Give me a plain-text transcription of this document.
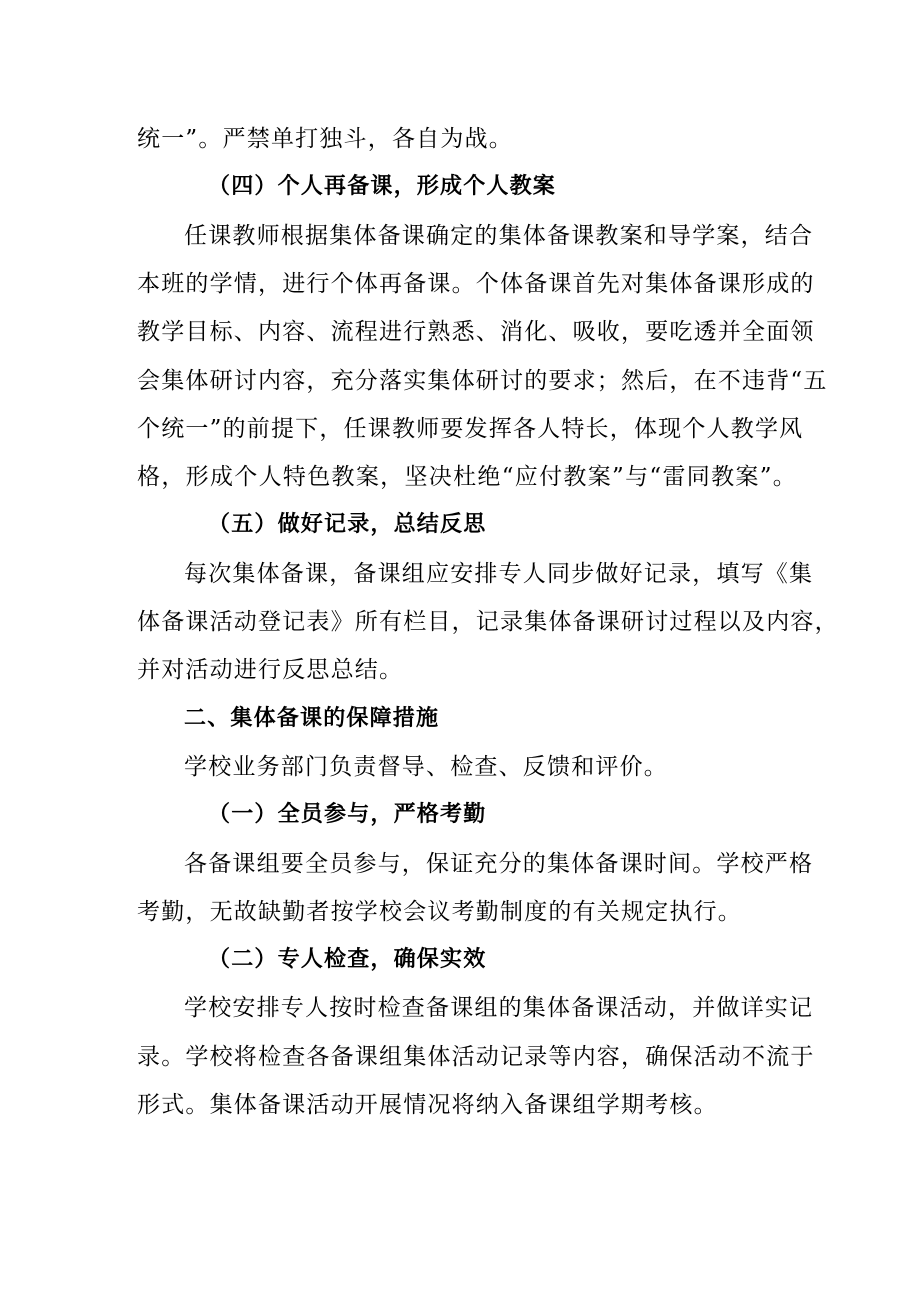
统一”。严禁单打独斗，各自为战。
（四）个人再备课，形成个人教案
任课教师根据集体备课确定的集体备课教案和导学案，结合
本班的学情，进行个体再备课。个体备课首先对集体备课形成的
教学目标、内容、流程进行熟悉、消化、吸收，要吃透并全面领
会集体研讨内容，充分落实集体研讨的要求；然后，在不违背“五
个统一”的前提下，任课教师要发挥各人特长，体现个人教学风
格，形成个人特色教案，坚决杜绝“应付教案”与“雷同教案”。
（五）做好记录，总结反思
每次集体备课，备课组应安排专人同步做好记录，填写《集
体备课活动登记表》所有栏目，记录集体备课研讨过程以及内容，
并对活动进行反思总结。
二、集体备课的保障措施
学校业务部门负责督导、检查、反馈和评价。
（一）全员参与，严格考勤
各备课组要全员参与，保证充分的集体备课时间。学校严格
考勤，无故缺勤者按学校会议考勤制度的有关规定执行。
（二）专人检查，确保实效
学校安排专人按时检查备课组的集体备课活动，并做详实记
录。学校将检查各备课组集体活动记录等内容，确保活动不流于
形式。集体备课活动开展情况将纳入备课组学期考核。
